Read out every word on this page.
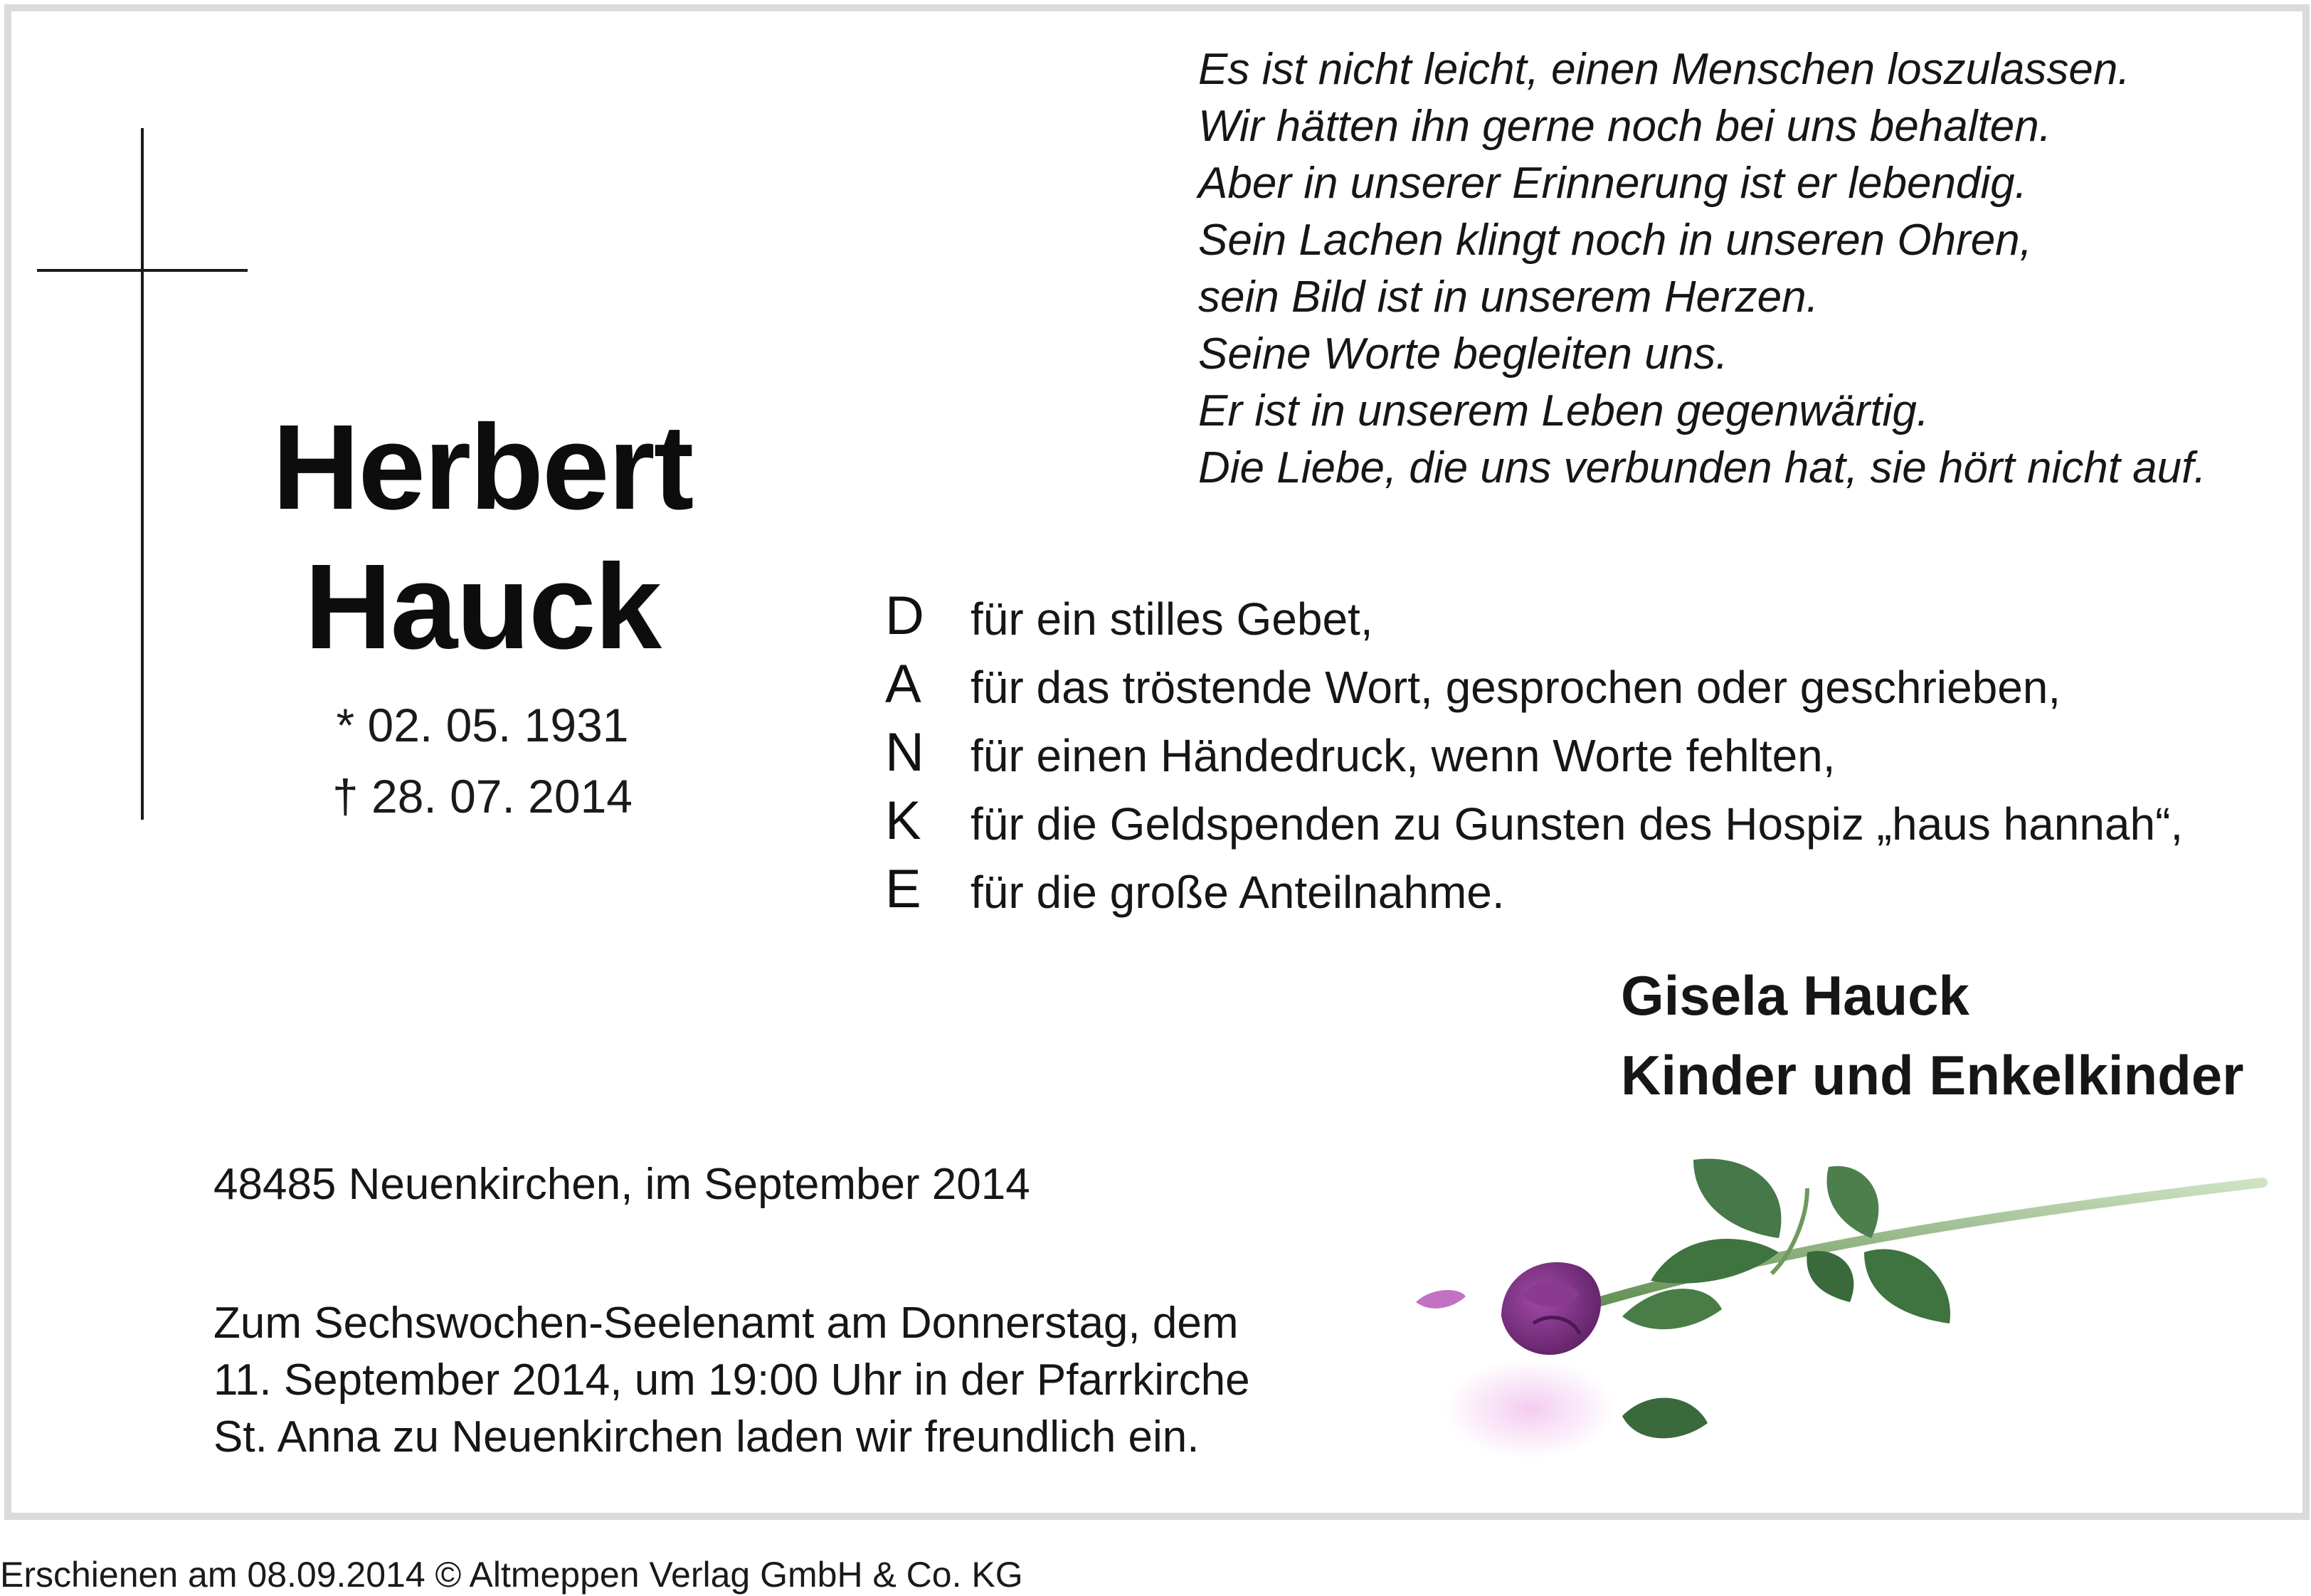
Herbert
Hauck
* 02. 05. 1931
† 28. 07. 2014
Es ist nicht leicht, einen Menschen loszulassen.
Wir hätten ihn gerne noch bei uns behalten.
Aber in unserer Erinnerung ist er lebendig.
Sein Lachen klingt noch in unseren Ohren,
sein Bild ist in unserem Herzen.
Seine Worte begleiten uns.
Er ist in unserem Leben gegenwärtig.
Die Liebe, die uns verbunden hat, sie hört nicht auf.
D für ein stilles Gebet,
A für das tröstende Wort, gesprochen oder geschrieben,
N für einen Händedruck, wenn Worte fehlten,
K für die Geldspenden zu Gunsten des Hospiz „haus hannah“,
E für die große Anteilnahme.
Gisela Hauck
Kinder und Enkelkinder
48485 Neuenkirchen, im September 2014
Zum Sechswochen-Seelenamt am Donnerstag, dem
11. September 2014, um 19:00 Uhr in der Pfarrkirche
St. Anna zu Neuenkirchen laden wir freundlich ein.
Erschienen am 08.09.2014 © Altmeppen Verlag GmbH & Co. KG
